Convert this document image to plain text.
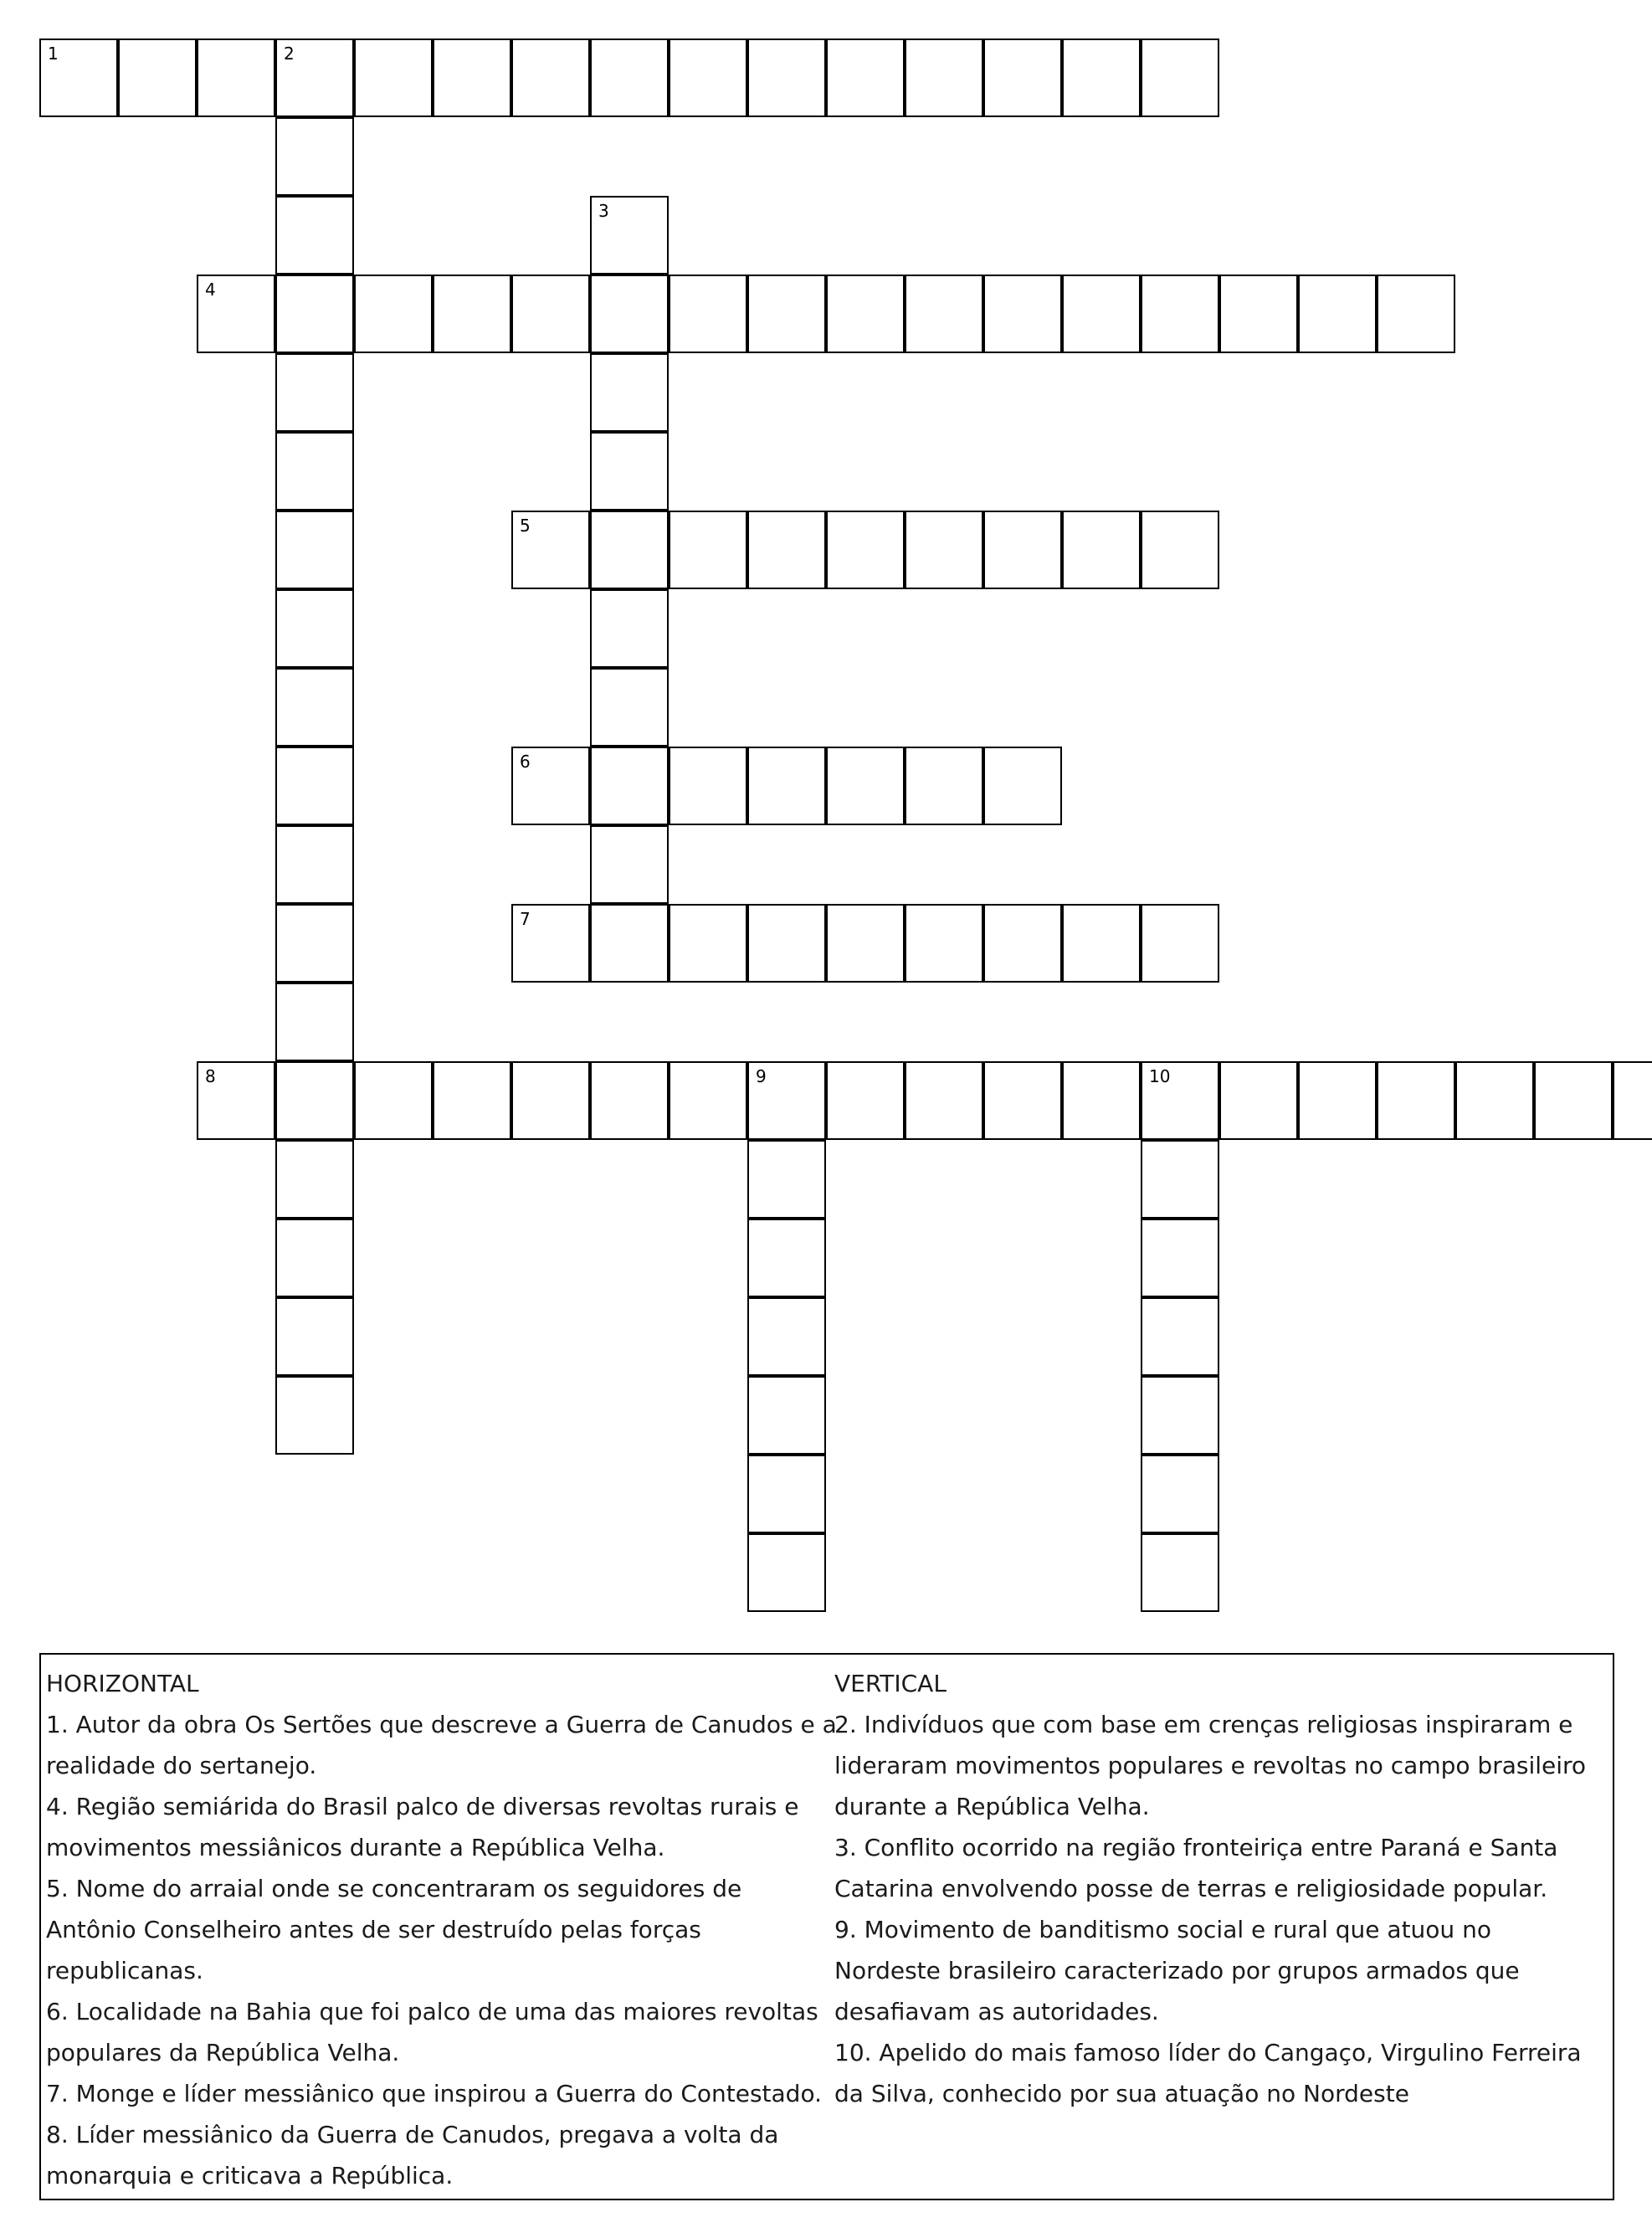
1	2
3
4
5
6
7
8	9	10

HORIZONTAL

1. Autor da obra Os Sertões que descreve a Guerra de Canudos e a realidade do sertanejo.

4. Região semiárida do Brasil palco de diversas revoltas rurais e movimentos messiânicos durante a República Velha.

5. Nome do arraial onde se concentraram os seguidores de Antônio Conselheiro antes de ser destruído pelas forças republicanas.

6. Localidade na Bahia que foi palco de uma das maiores revoltas populares da República Velha.

7. Monge e líder messiânico que inspirou a Guerra do Contestado.

8. Líder messiânico da Guerra de Canudos, pregava a volta da monarquia e criticava a República.

VERTICAL

2. Indivíduos que com base em crenças religiosas inspiraram e lideraram movimentos populares e revoltas no campo brasileiro durante a República Velha.

3. Conflito ocorrido na região fronteiriça entre Paraná e Santa Catarina envolvendo posse de terras e religiosidade popular.

9. Movimento de banditismo social e rural que atuou no Nordeste brasileiro caracterizado por grupos armados que desafiavam as autoridades.

10. Apelido do mais famoso líder do Cangaço, Virgulino Ferreira da Silva, conhecido por sua atuação no Nordeste
